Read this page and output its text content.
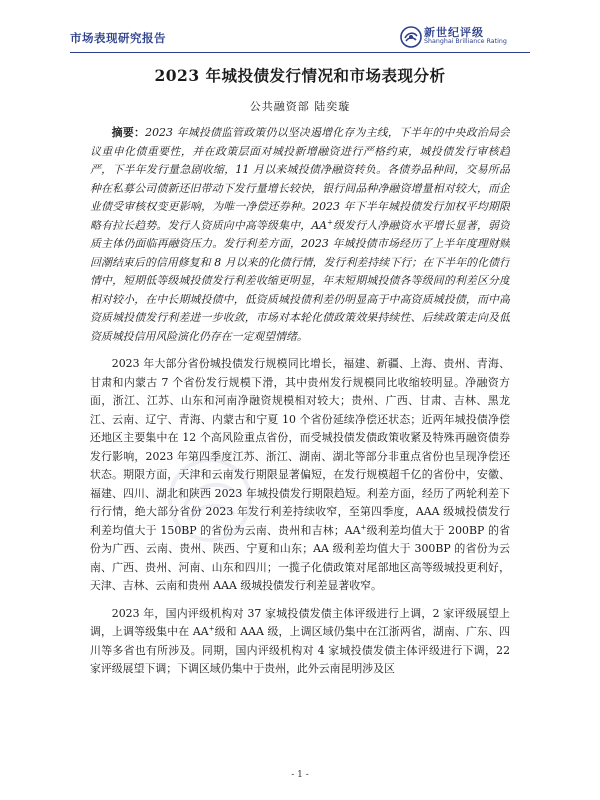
市场表现研究报告	新世纪评级
Shanghai Brilliance Rating
2023 年城投债发行情况和市场表现分析
公共融资部 陆奕璇

摘要：2023 年城投债监管政策仍以坚决遏增化存为主线，下半年的中央政治局会议重申化债重要性，并在政策层面对城投新增融资进行严格约束，城投债发行审核趋严，下半年发行量急剧收缩，11 月以来城投债净融资转负。各债券品种间，交易所品种在私募公司债新还旧带动下发行量增长较快，银行间品种净融资增量相对较大，而企业债受审核权变更影响，为唯一净偿还券种。2023 年下半年城投债发行加权平均期限略有拉长趋势。发行人资质向中高等级集中，AA+级发行人净融资水平增长显著，弱资质主体仍面临再融资压力。发行利差方面，2023 年城投债市场经历了上半年度理财赎回潮结束后的信用修复和 8 月以来的化债行情，发行利差持续下行；在下半年的化债行情中，短期低等级城投债发行利差收缩更明显，年末短期城投债各等级间的利差区分度相对较小，在中长期城投债中，低资质城投债利差仍明显高于中高资质城投债，而中高资质城投债发行利差进一步收敛，市场对本轮化债政策效果持续性、后续政策走向及低资质城投信用风险演化仍存在一定观望情绪。

2023 年大部分省份城投债发行规模同比增长，福建、新疆、上海、贵州、青海、甘肃和内蒙古 7 个省份发行规模下滑，其中贵州发行规模同比收缩较明显。净融资方面，浙江、江苏、山东和河南净融资规模相对较大；贵州、广西、甘肃、吉林、黑龙江、云南、辽宁、青海、内蒙古和宁夏 10 个省份延续净偿还状态；近两年城投债净偿还地区主要集中在 12 个高风险重点省份，而受城投债发债政策收紧及特殊再融资债券发行影响，2023 年第四季度江苏、浙江、湖南、湖北等部分非重点省份也呈现净偿还状态。期限方面，天津和云南发行期限显著偏短，在发行规模超千亿的省份中，安徽、福建、四川、湖北和陕西 2023 年城投债发行期限趋短。利差方面，经历了两轮利差下行行情，绝大部分省份 2023 年发行利差持续收窄，至第四季度，AAA 级城投债发行利差均值大于 150BP 的省份为云南、贵州和吉林；AA+级利差均值大于 200BP 的省份为广西、云南、贵州、陕西、宁夏和山东；AA 级利差均值大于 300BP 的省份为云南、广西、贵州、河南、山东和四川；一揽子化债政策对尾部地区高等级城投更利好，天津、吉林、云南和贵州 AAA 级城投债发行利差显著收窄。

2023 年，国内评级机构对 37 家城投债发债主体评级进行上调，2 家评级展望上调，上调等级集中在 AA+级和 AAA 级，上调区域仍集中在江浙两省，湖南、广东、四川等多省也有所涉及。同期，国内评级机构对 4 家城投债发债主体评级进行下调，22 家评级展望下调；下调区域仍集中于贵州，此外云南昆明涉及区

- 1 -
